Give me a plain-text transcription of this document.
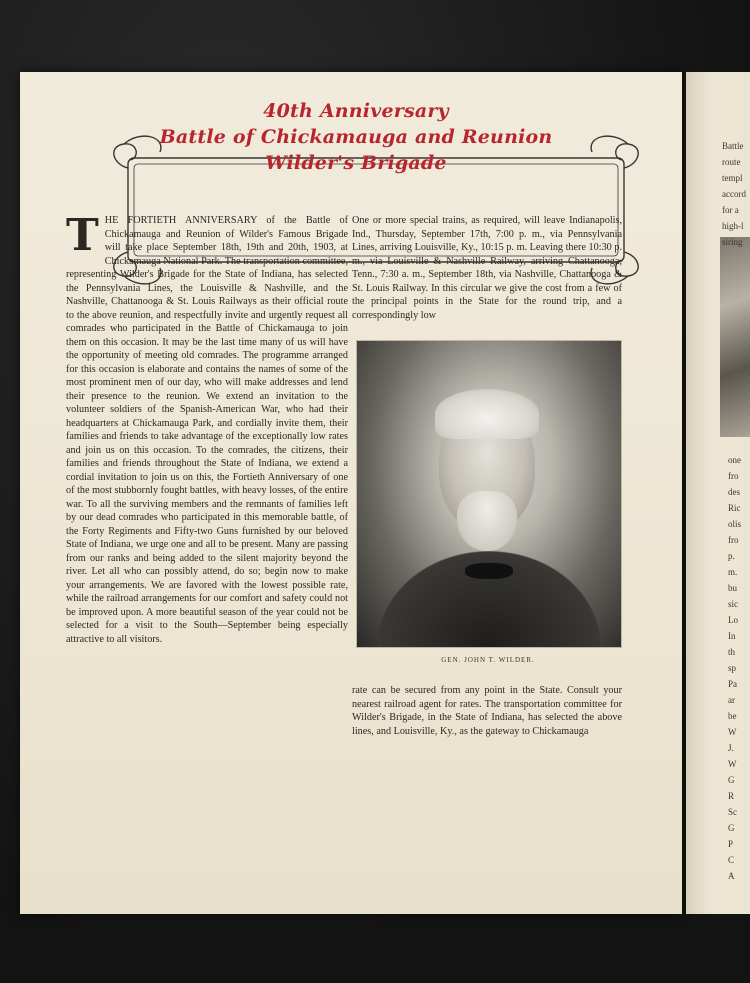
40th Anniversary
Battle of Chickamauga and Reunion
Wilder's Brigade
T HE FORTIETH ANNIVERSARY of the Battle of Chickamauga and Reunion of Wilder's Famous Brigade will take place September 18th, 19th and 20th, 1903, at Chickamauga National Park. The transportation committee, representing Wilder's Brigade for the State of Indiana, has selected the Pennsylvania Lines, the Louisville & Nashville, and the Nashville, Chattanooga & St. Louis Railways as their official route to the above reunion, and respectfully invite and urgently request all comrades who participated in the Battle of Chickamauga to join them on this occasion. It may be the last time many of us will have the opportunity of meeting old comrades. The programme arranged for this occasion is elaborate and contains the names of some of the most prominent men of our day, who will make addresses and lend their presence to the reunion. We extend an invitation to the volunteer soldiers of the Spanish-American War, who had their headquarters at Chickamauga Park, and cordially invite them, their families and friends to take advantage of the exceptionally low rates and join us on this occasion. To the comrades, the citizens, their families and friends throughout the State of Indiana, we extend a cordial invitation to join us on this, the Fortieth Anniversary of one of the most stubbornly fought battles, with heavy losses, of the entire war. To all the surviving members and the remnants of families left by our dead comrades who participated in this memorable battle, of the Forty Regiments and Fifty-two Guns furnished by our beloved State of Indiana, we urge one and all to be present. Many are passing from our ranks and being added to the silent majority beyond the river. Let all who can possibly attend, do so; begin now to make your arrangements. We are favored with the lowest possible rate, while the railroad arrangements for our comfort and safety could not be improved upon. A more beautiful season of the year could not be selected for a visit to the South—September being especially attractive to all visitors.

One or more special trains, as required, will leave Indianapolis, Ind., Thursday, September 17th, 7:00 p. m., via Pennsylvania Lines, arriving Louisville, Ky., 10:15 p. m. Leaving there 10:30 p. m., via Louisville & Nashville Railway, arriving Chattanooga, Tenn., 7:30 a. m., September 18th, via Nashville, Chattanooga & St. Louis Railway. In this circular we give the cost from a few of the principal points in the State for the round trip, and a correspondingly low

GEN. JOHN T. WILDER.

rate can be secured from any point in the State. Consult your nearest railroad agent for rates. The transportation committee for Wilder's Brigade, in the State of Indiana, has selected the above lines, and Louisville, Ky., as the gateway to Chickamauga

Battle
route
templ
accord
for a
high-l
siring
one
fro
des
Ric
olis
fro
p.
m.
bu
sic
Lo
In
th
sp
Pa
ar
be
W
J.
W
G
R
Sc
G
P
C
A
